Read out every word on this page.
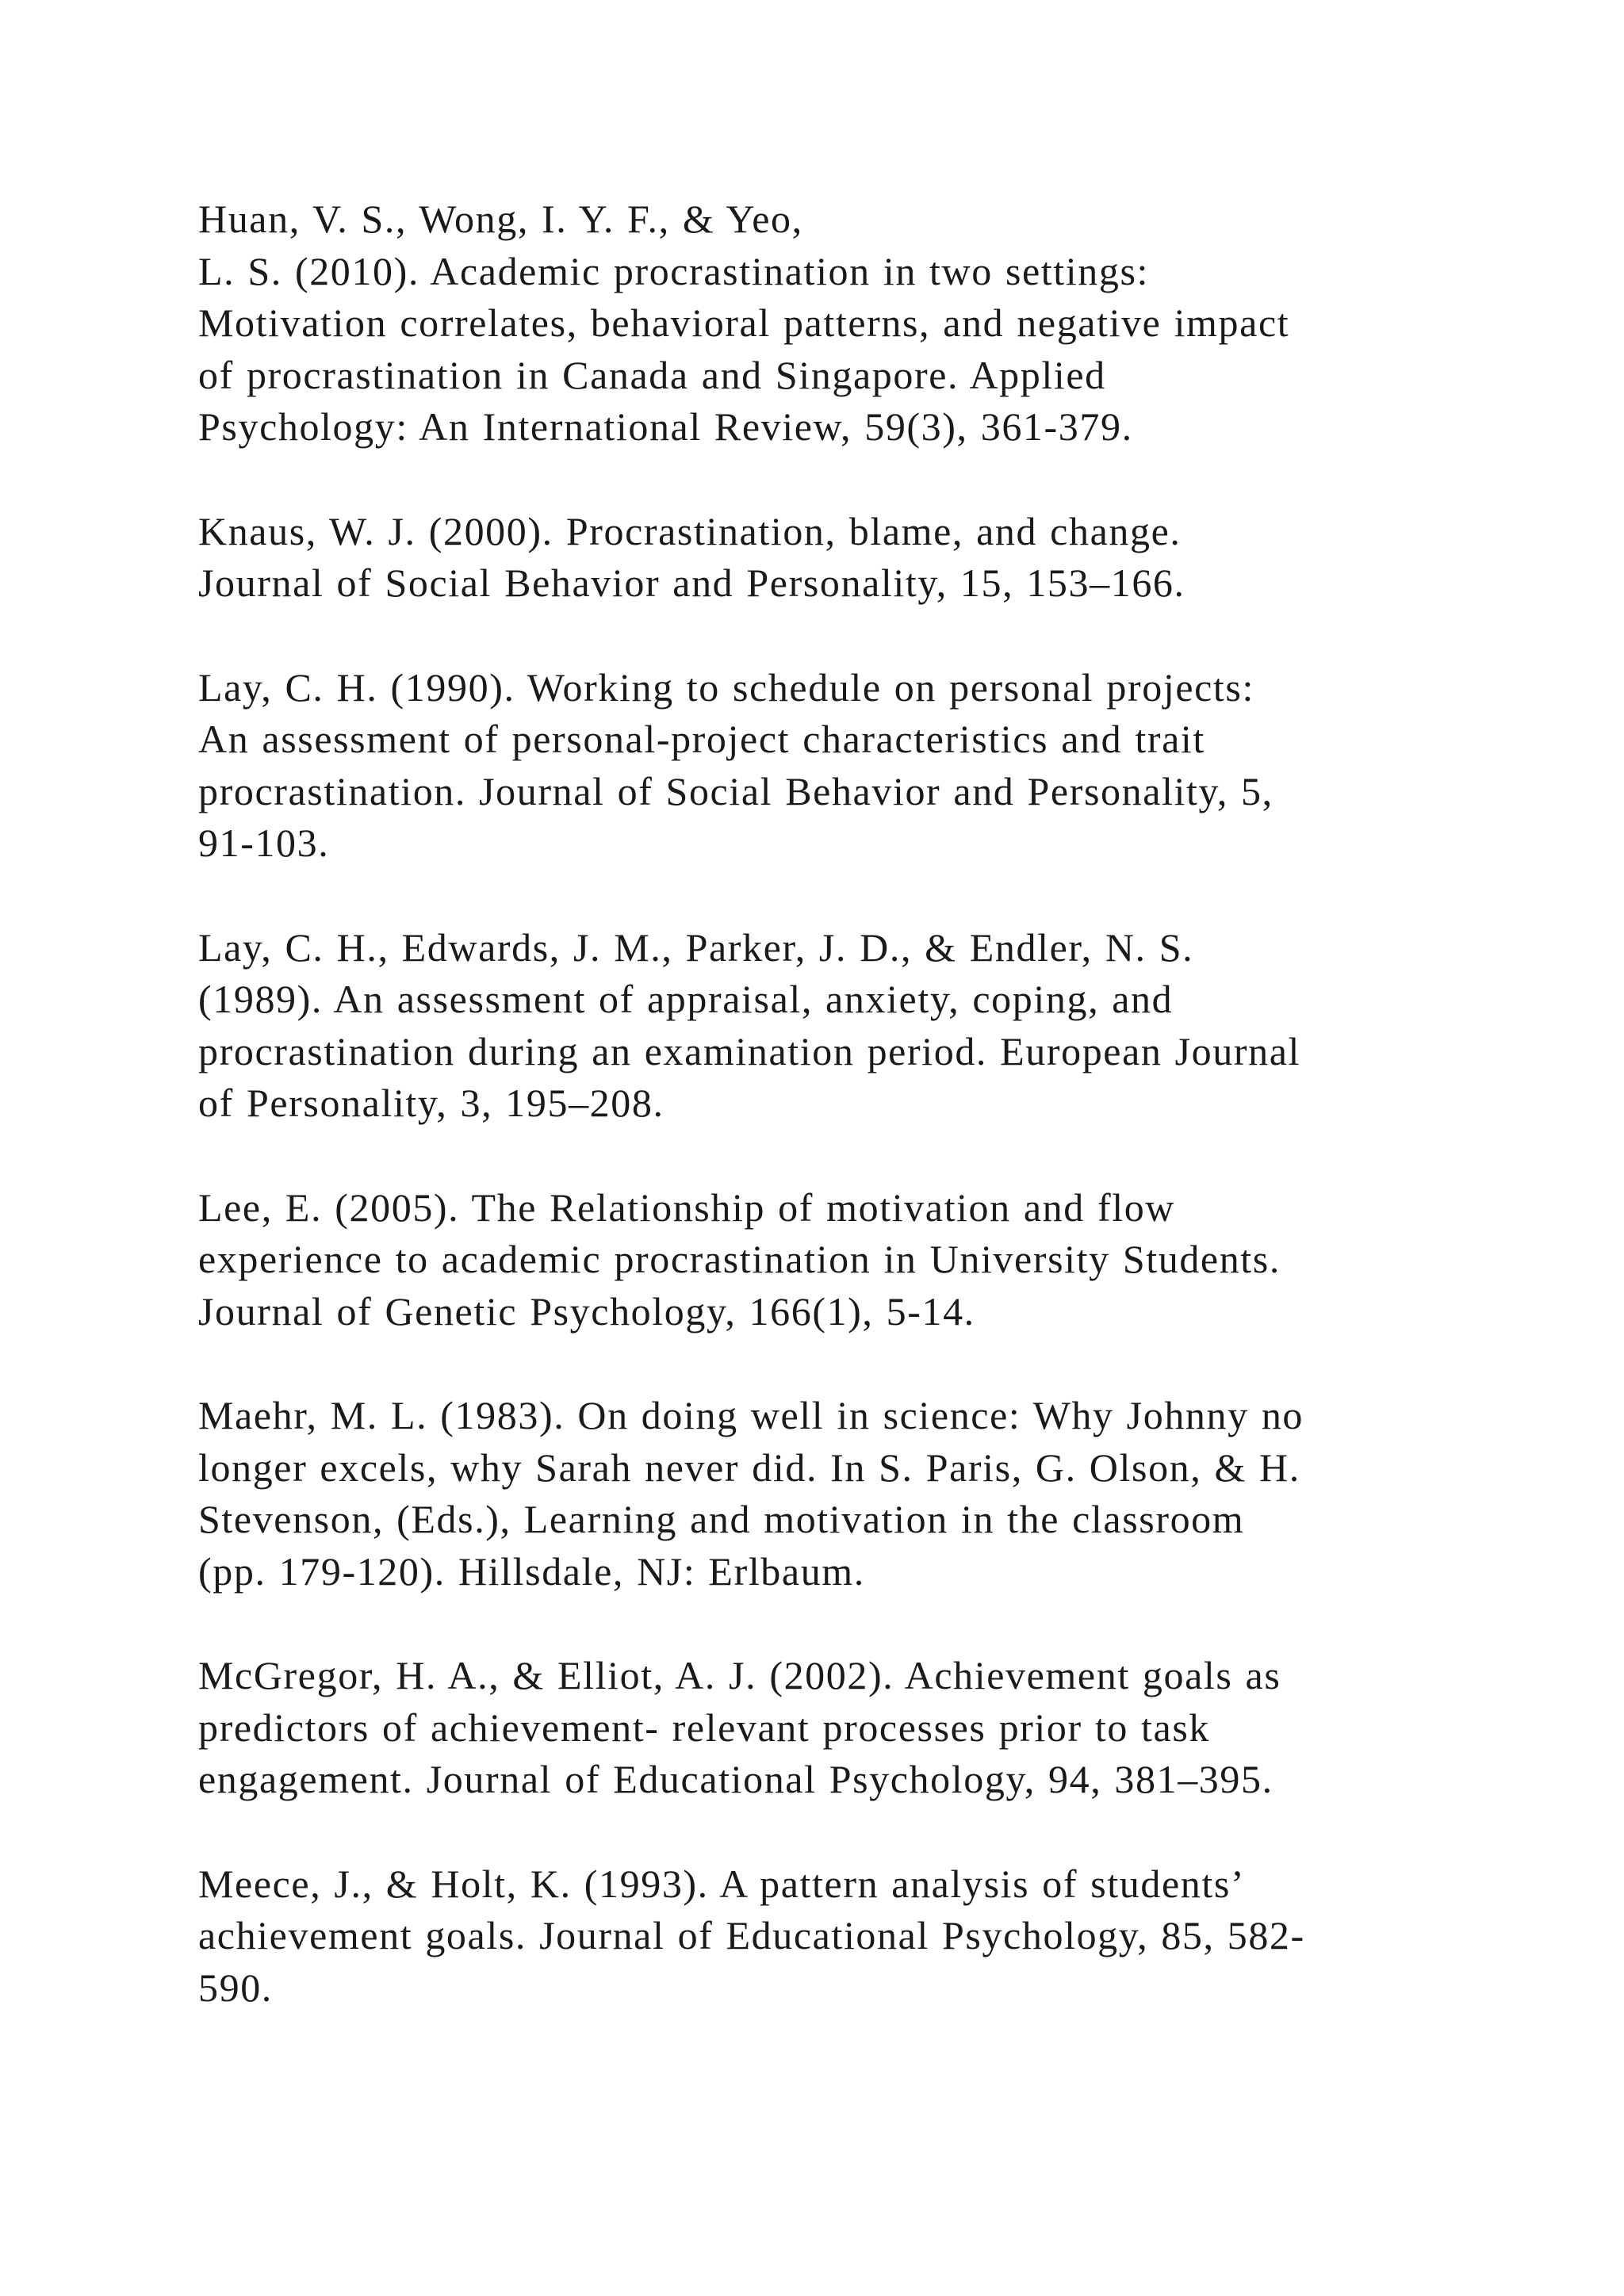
Huan, V. S., Wong, I. Y. F., & Yeo,
L. S. (2010). Academic procrastination in two settings:
Motivation correlates, behavioral patterns, and negative impact
of procrastination in Canada and Singapore. Applied
Psychology: An International Review, 59(3), 361-379.
Knaus, W. J. (2000). Procrastination, blame, and change.
Journal of Social Behavior and Personality, 15, 153–166.
Lay, C. H. (1990). Working to schedule on personal projects:
An assessment of personal-project characteristics and trait
procrastination. Journal of Social Behavior and Personality, 5,
91-103.
Lay, C. H., Edwards, J. M., Parker, J. D., & Endler, N. S.
(1989). An assessment of appraisal, anxiety, coping, and
procrastination during an examination period. European Journal
of Personality, 3, 195–208.
Lee, E. (2005). The Relationship of motivation and flow
experience to academic procrastination in University Students.
Journal of Genetic Psychology, 166(1), 5-14.
Maehr, M. L. (1983). On doing well in science: Why Johnny no
longer excels, why Sarah never did. In S. Paris, G. Olson, & H.
Stevenson, (Eds.), Learning and motivation in the classroom
(pp. 179-120). Hillsdale, NJ: Erlbaum.
McGregor, H. A., & Elliot, A. J. (2002). Achievement goals as
predictors of achievement- relevant processes prior to task
engagement. Journal of Educational Psychology, 94, 381–395.
Meece, J., & Holt, K. (1993). A pattern analysis of students’
achievement goals. Journal of Educational Psychology, 85, 582-
590.
